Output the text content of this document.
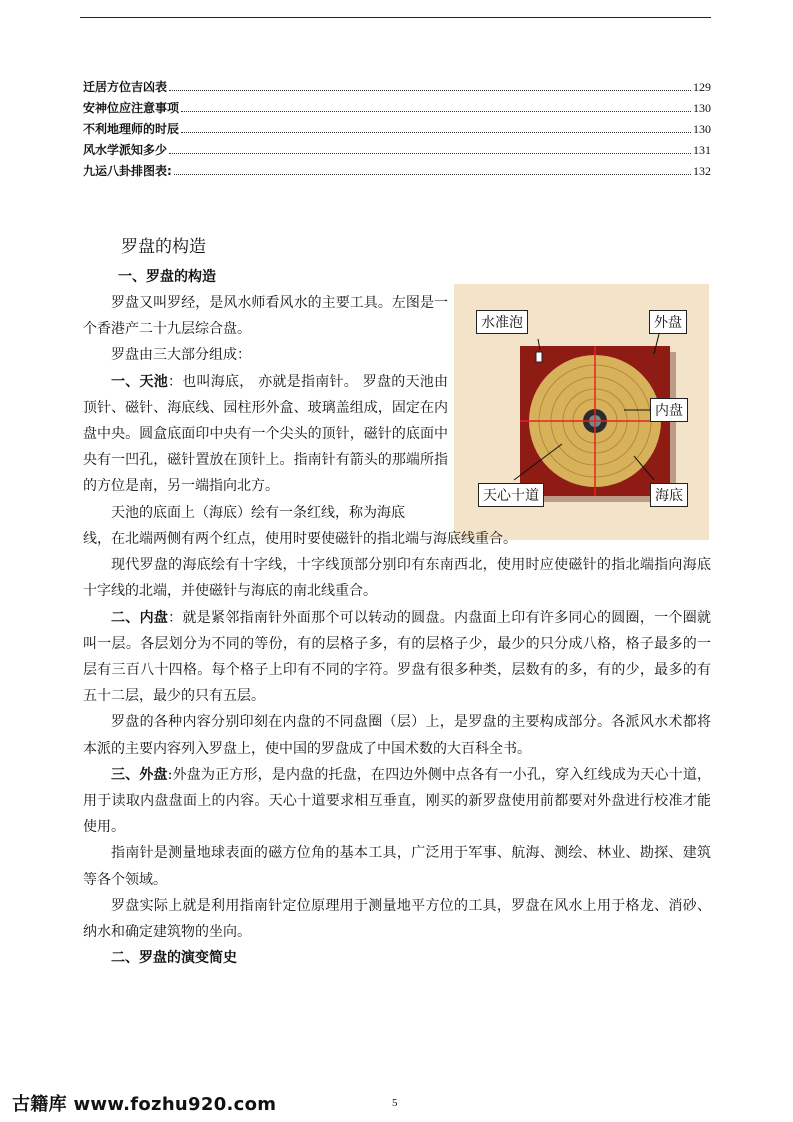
迁居方位吉凶表	129
安神位应注意事项	130
不利地理师的时辰	130
风水学派知多少	131
九运八卦排图表:	132
罗盘的构造
一、罗盘的构造

罗盘又叫罗经，是风水师看风水的主要工具。左图是一个香港产二十九层综合盘。

罗盘由三大部分组成：

一、天池：也叫海底， 亦就是指南针。 罗盘的天池由顶针、磁针、海底线、园柱形外盒、玻璃盖组成，固定在内盘中央。圆盒底面印中央有一个尖头的顶针，磁针的底面中央有一凹孔，磁针置放在顶针上。指南针有箭头的那端所指的方位是南，另一端指向北方。

天池的底面上（海底）绘有一条红线，称为海底

水准泡	外盘
内盘
天心十道	海底

线，在北端两侧有两个红点，使用时要使磁针的指北端与海底线重合。

现代罗盘的海底绘有十字线，十字线顶部分别印有东南西北，使用时应使磁针的指北端指向海底十字线的北端，并使磁针与海底的南北线重合。

二、内盘：就是紧邻指南针外面那个可以转动的圆盘。内盘面上印有许多同心的圆圈，一个圈就叫一层。各层划分为不同的等份，有的层格子多，有的层格子少，最少的只分成八格，格子最多的一层有三百八十四格。每个格子上印有不同的字符。罗盘有很多种类，层数有的多，有的少，最多的有五十二层，最少的只有五层。

罗盘的各种内容分别印刻在内盘的不同盘圈（层）上，是罗盘的主要构成部分。各派风水术都将本派的主要内容列入罗盘上，使中国的罗盘成了中国术数的大百科全书。

三、外盘:外盘为正方形，是内盘的托盘，在四边外侧中点各有一小孔，穿入红线成为天心十道，用于读取内盘盘面上的内容。天心十道要求相互垂直，刚买的新罗盘使用前都要对外盘进行校准才能使用。

指南针是测量地球表面的磁方位角的基本工具，广泛用于军事、航海、测绘、林业、勘探、建筑等各个领域。

罗盘实际上就是利用指南针定位原理用于测量地平方位的工具，罗盘在风水上用于格龙、消砂、纳水和确定建筑物的坐向。

二、罗盘的演变简史

古籍库 www.fozhu920.com	5
